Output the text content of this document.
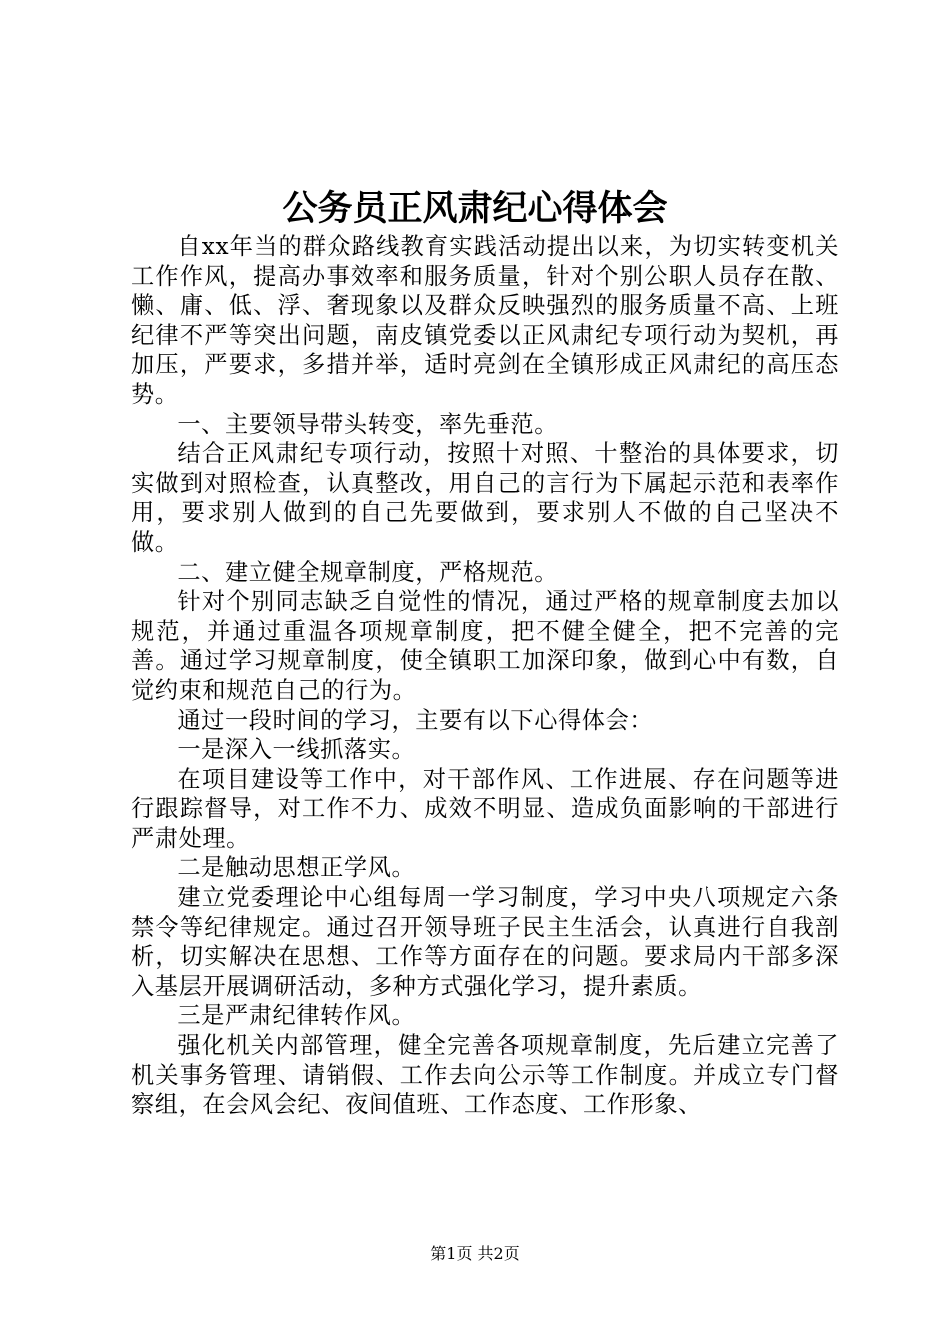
公务员正风肃纪心得体会

自xx年当的群众路线教育实践活动提出以来，为切实转变机关工作作风，提高办事效率和服务质量，针对个别公职人员存在散、懒、庸、低、浮、奢现象以及群众反映强烈的服务质量不高、上班纪律不严等突出问题，南皮镇党委以正风肃纪专项行动为契机，再加压，严要求，多措并举，适时亮剑在全镇形成正风肃纪的高压态势。

一、主要领导带头转变，率先垂范。

结合正风肃纪专项行动，按照十对照、十整治的具体要求，切实做到对照检查，认真整改，用自己的言行为下属起示范和表率作用，要求别人做到的自己先要做到，要求别人不做的自己坚决不做。

二、建立健全规章制度，严格规范。

针对个别同志缺乏自觉性的情况，通过严格的规章制度去加以规范，并通过重温各项规章制度，把不健全健全，把不完善的完善。通过学习规章制度，使全镇职工加深印象，做到心中有数，自觉约束和规范自己的行为。

通过一段时间的学习，主要有以下心得体会：

一是深入一线抓落实。

在项目建设等工作中，对干部作风、工作进展、存在问题等进行跟踪督导，对工作不力、成效不明显、造成负面影响的干部进行严肃处理。

二是触动思想正学风。

建立党委理论中心组每周一学习制度，学习中央八项规定六条禁令等纪律规定。通过召开领导班子民主生活会，认真进行自我剖析，切实解决在思想、工作等方面存在的问题。要求局内干部多深入基层开展调研活动，多种方式强化学习，提升素质。

三是严肃纪律转作风。

强化机关内部管理，健全完善各项规章制度，先后建立完善了机关事务管理、请销假、工作去向公示等工作制度。并成立专门督察组，在会风会纪、夜间值班、工作态度、工作形象、

第1页 共2页
